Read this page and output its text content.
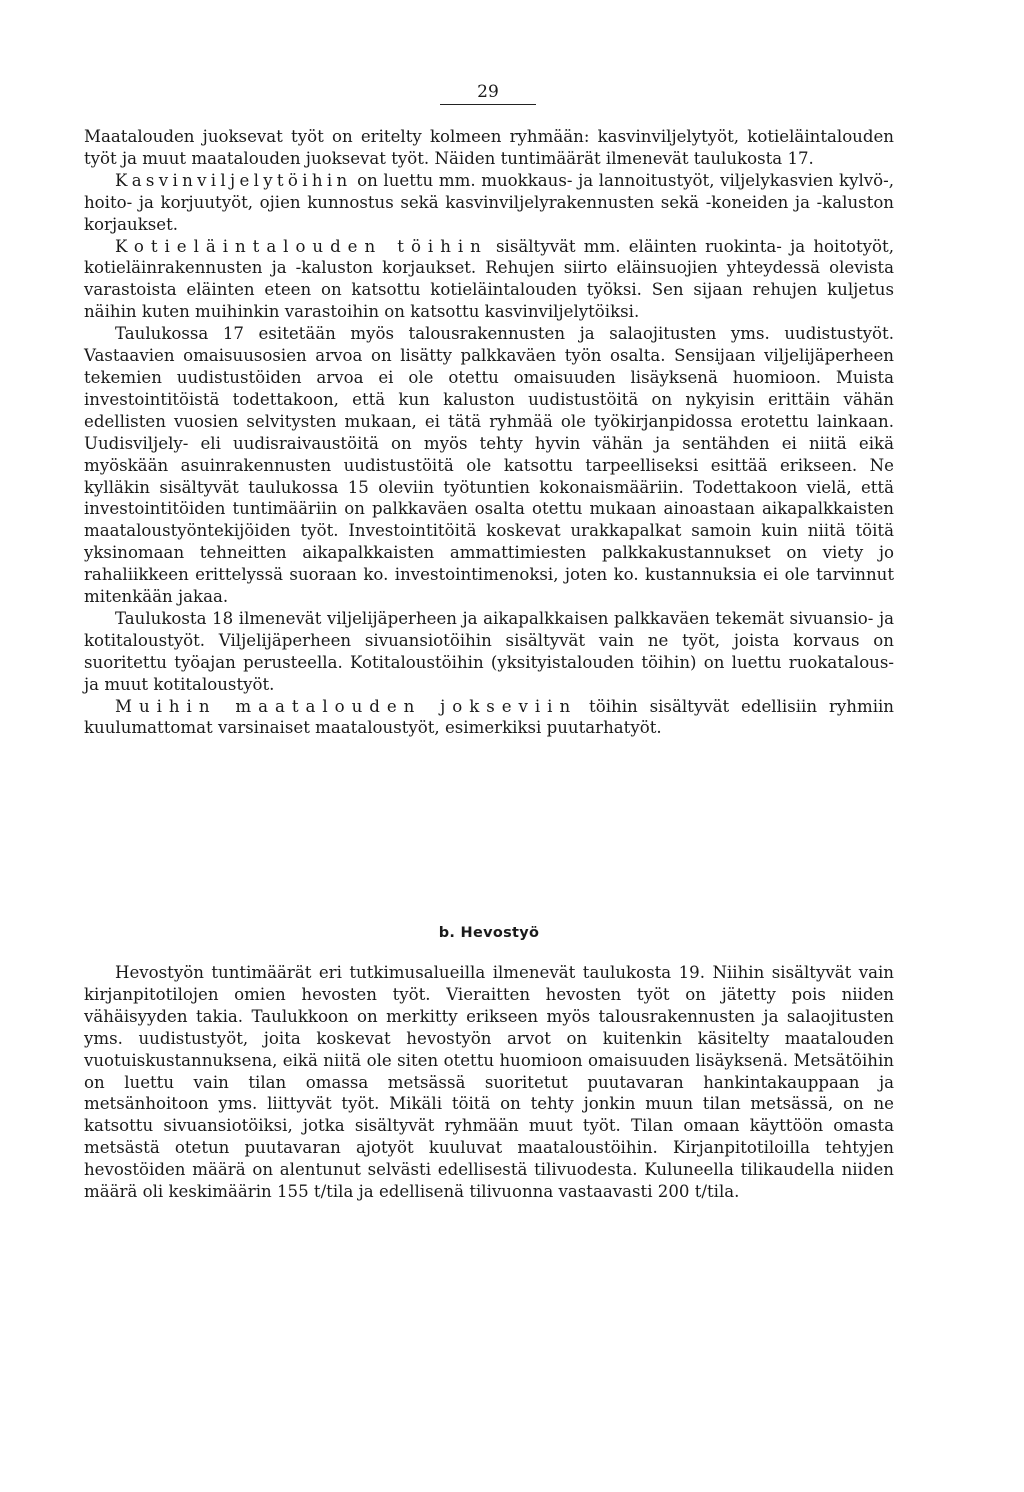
29

Maatalouden juoksevat työt on eritelty kolmeen ryhmään: kasvinviljelytyöt, kotieläintalouden työt ja muut maatalouden juoksevat työt. Näiden tuntimäärät ilmenevät taulukosta 17.

Kasvinviljelytöihin on luettu mm. muokkaus- ja lannoitustyöt, viljelykasvien kylvö-, hoito- ja korjuutyöt, ojien kunnostus sekä kasvinviljelyrakennusten sekä -koneiden ja -kaluston korjaukset.

Kotieläintalouden töihin sisältyvät mm. eläinten ruokinta- ja hoitotyöt, kotieläinrakennusten ja -kaluston korjaukset. Rehujen siirto eläinsuojien yhteydessä olevista varastoista eläinten eteen on katsottu kotieläintalouden työksi. Sen sijaan rehujen kuljetus näihin kuten muihinkin varastoihin on katsottu kasvinviljelytöiksi.

Taulukossa 17 esitetään myös talousrakennusten ja salaojitusten yms. uudistustyöt. Vastaavien omaisuusosien arvoa on lisätty palkkaväen työn osalta. Sensijaan viljelijäperheen tekemien uudistustöiden arvoa ei ole otettu omaisuuden lisäyksenä huomioon. Muista investointitöistä todettakoon, että kun kaluston uudistustöitä on nykyisin erittäin vähän edellisten vuosien selvitysten mukaan, ei tätä ryhmää ole työkirjanpidossa erotettu lainkaan. Uudisviljely- eli uudisraivaustöitä on myös tehty hyvin vähän ja sentähden ei niitä eikä myöskään asuinrakennusten uudistustöitä ole katsottu tarpeelliseksi esittää erikseen. Ne kylläkin sisältyvät taulukossa 15 oleviin työtuntien kokonaismääriin. Todettakoon vielä, että investointitöiden tuntimääriin on palkkaväen osalta otettu mukaan ainoastaan aikapalkkaisten maataloustyöntekijöiden työt. Investointitöitä koskevat urakkapalkat samoin kuin niitä töitä yksinomaan tehneitten aikapalkkaisten ammattimiesten palkkakustannukset on viety jo rahaliikkeen erittelyssä suoraan ko. investointimenoksi, joten ko. kustannuksia ei ole tarvinnut mitenkään jakaa.

Taulukosta 18 ilmenevät viljelijäperheen ja aikapalkkaisen palkkaväen tekemät sivuansio- ja kotitaloustyöt. Viljelijäperheen sivuansiotöihin sisältyvät vain ne työt, joista korvaus on suoritettu työajan perusteella. Kotitaloustöihin (yksityistalouden töihin) on luettu ruokatalous- ja muut kotitaloustyöt.

Muihin maatalouden jokseviin töihin sisältyvät edellisiin ryhmiin kuulumattomat varsinaiset maataloustyöt, esimerkiksi puutarhatyöt.

b. Hevostyö

Hevostyön tuntimäärät eri tutkimusalueilla ilmenevät taulukosta 19. Niihin sisältyvät vain kirjanpitotilojen omien hevosten työt. Vieraitten hevosten työt on jätetty pois niiden vähäisyyden takia. Taulukkoon on merkitty erikseen myös talousrakennusten ja salaojitusten yms. uudistustyöt, joita koskevat hevostyön arvot on kuitenkin käsitelty maatalouden vuotuiskustannuksena, eikä niitä ole siten otettu huomioon omaisuuden lisäyksenä. Metsätöihin on luettu vain tilan omassa metsässä suoritetut puutavaran hankintakauppaan ja metsänhoitoon yms. liittyvät työt. Mikäli töitä on tehty jonkin muun tilan metsässä, on ne katsottu sivuansiotöiksi, jotka sisältyvät ryhmään muut työt. Tilan omaan käyttöön omasta metsästä otetun puutavaran ajotyöt kuuluvat maataloustöihin. Kirjanpitotiloilla tehtyjen hevostöiden määrä on alentunut selvästi edellisestä tilivuodesta. Kuluneella tilikaudella niiden määrä oli keskimäärin 155 t/tila ja edellisenä tilivuonna vastaavasti 200 t/tila.
